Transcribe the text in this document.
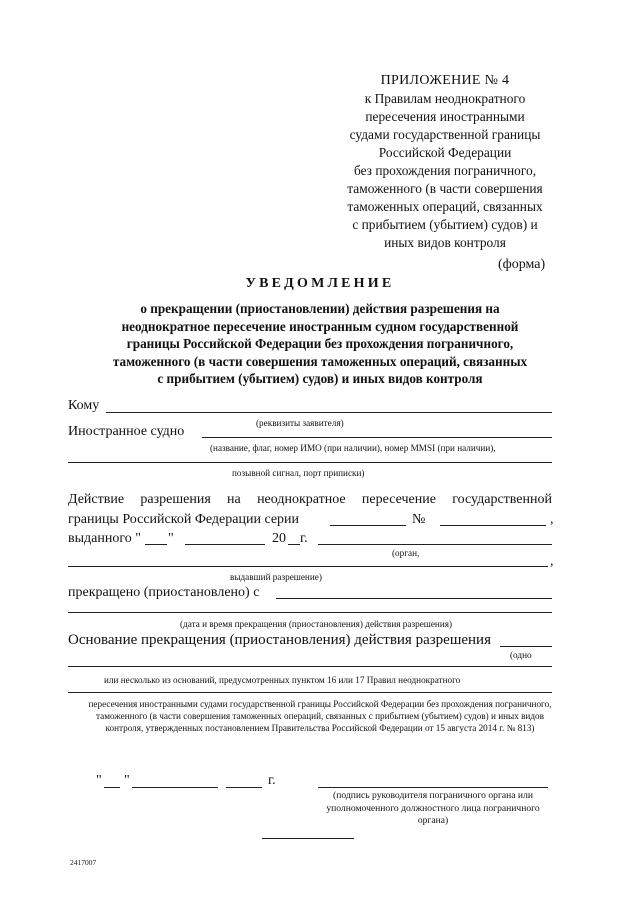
ПРИЛОЖЕНИЕ № 4
к Правилам неоднократного
пересечения иностранными
судами государственной границы
Российской Федерации
без прохождения пограничного,
таможенного (в части совершения
таможенных операций, связанных
с прибытием (убытием) судов) и
иных видов контроля
(форма)
УВЕДОМЛЕНИЕ
о прекращении (приостановлении) действия разрешения на
неоднократное пересечение иностранным судном государственной
границы Российской Федерации без прохождения пограничного,
таможенного (в части совершения таможенных операций, связанных
с прибытием (убытием) судов) и иных видов контроля
Кому
(реквизиты заявителя)
Иностранное судно
(название, флаг, номер ИМО (при наличии), номер MMSI (при наличии),
позывной сигнал, порт приписки)
Действие разрешения на неоднократное пересечение государственной
границы Российской Федерации серии	№	,
выданного " "	20 г.
(орган,
,
выдавший разрешение)
прекращено (приостановлено) с
(дата и время прекращения (приостановления) действия разрешения)
Основание прекращения (приостановления) действия разрешения
(одно
или несколько из оснований, предусмотренных пунктом 16 или 17 Правил неоднократного
пересечения иностранными судами государственной границы Российской Федерации без прохождения пограничного, таможенного (в части совершения таможенных операций, связанных с прибытием (убытием) судов) и иных видов контроля, утвержденных постановлением Правительства Российской Федерации от 15 августа 2014 г. № 813)
" "	г.
(подпись руководителя пограничного органа или уполномоченного должностного лица пограничного органа)
2417007
